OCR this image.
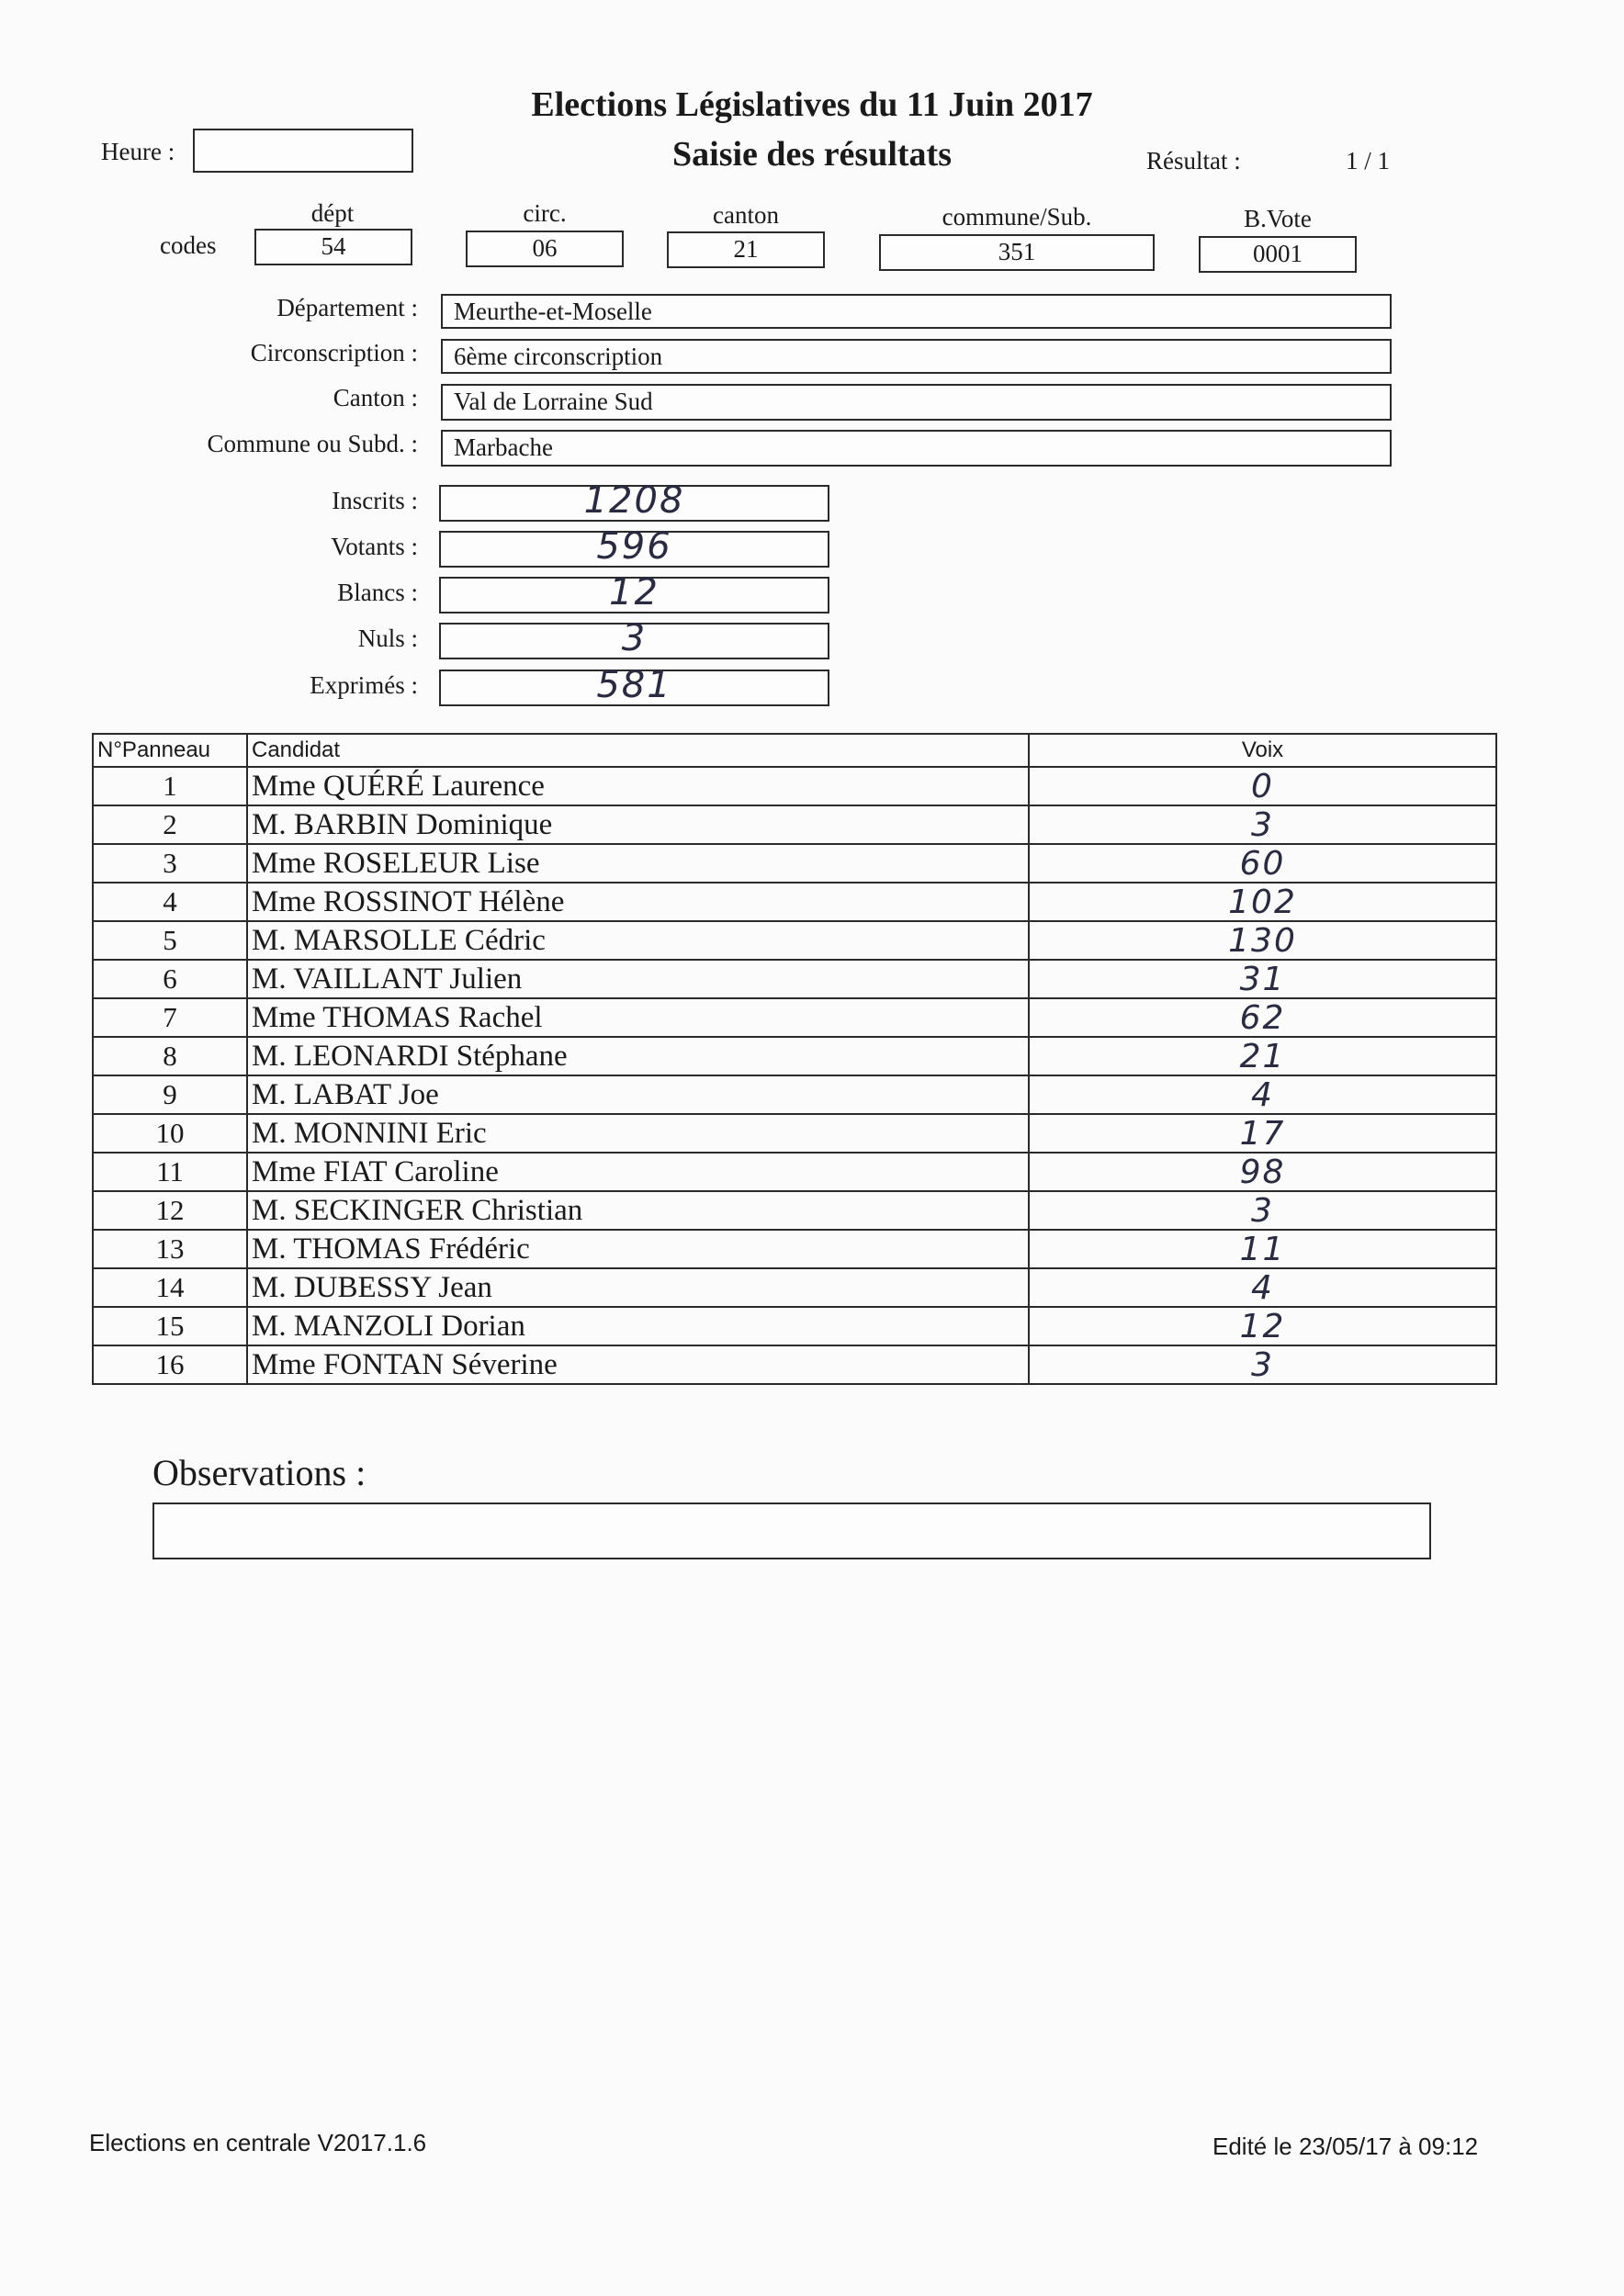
Elections Législatives du 11 Juin 2017
Saisie des résultats
Heure :	Résultat :	1 / 1
codes
dépt
54
circ.
06
canton
21
commune/Sub.
351
B.Vote
0001
Département :	Meurthe-et-Moselle
Circonscription :	6ème circonscription
Canton :	Val de Lorraine Sud
Commune ou Subd. :	Marbache
Inscrits :	1208
Votants :	596
Blancs :	12
Nuls :	3
Exprimés :	581
N°Panneau	Candidat	Voix
1	Mme QUÉRÉ Laurence	0
2	M. BARBIN Dominique	3
3	Mme ROSELEUR Lise	60
4	Mme ROSSINOT Hélène	102
5	M. MARSOLLE Cédric	130
6	M. VAILLANT Julien	31
7	Mme THOMAS Rachel	62
8	M. LEONARDI Stéphane	21
9	M. LABAT Joe	4
10	M. MONNINI Eric	17
11	Mme FIAT Caroline	98
12	M. SECKINGER Christian	3
13	M. THOMAS Frédéric	11
14	M. DUBESSY Jean	4
15	M. MANZOLI Dorian	12
16	Mme FONTAN Séverine	3
Observations :
Elections en centrale V2017.1.6	Edité le 23/05/17 à 09:12
